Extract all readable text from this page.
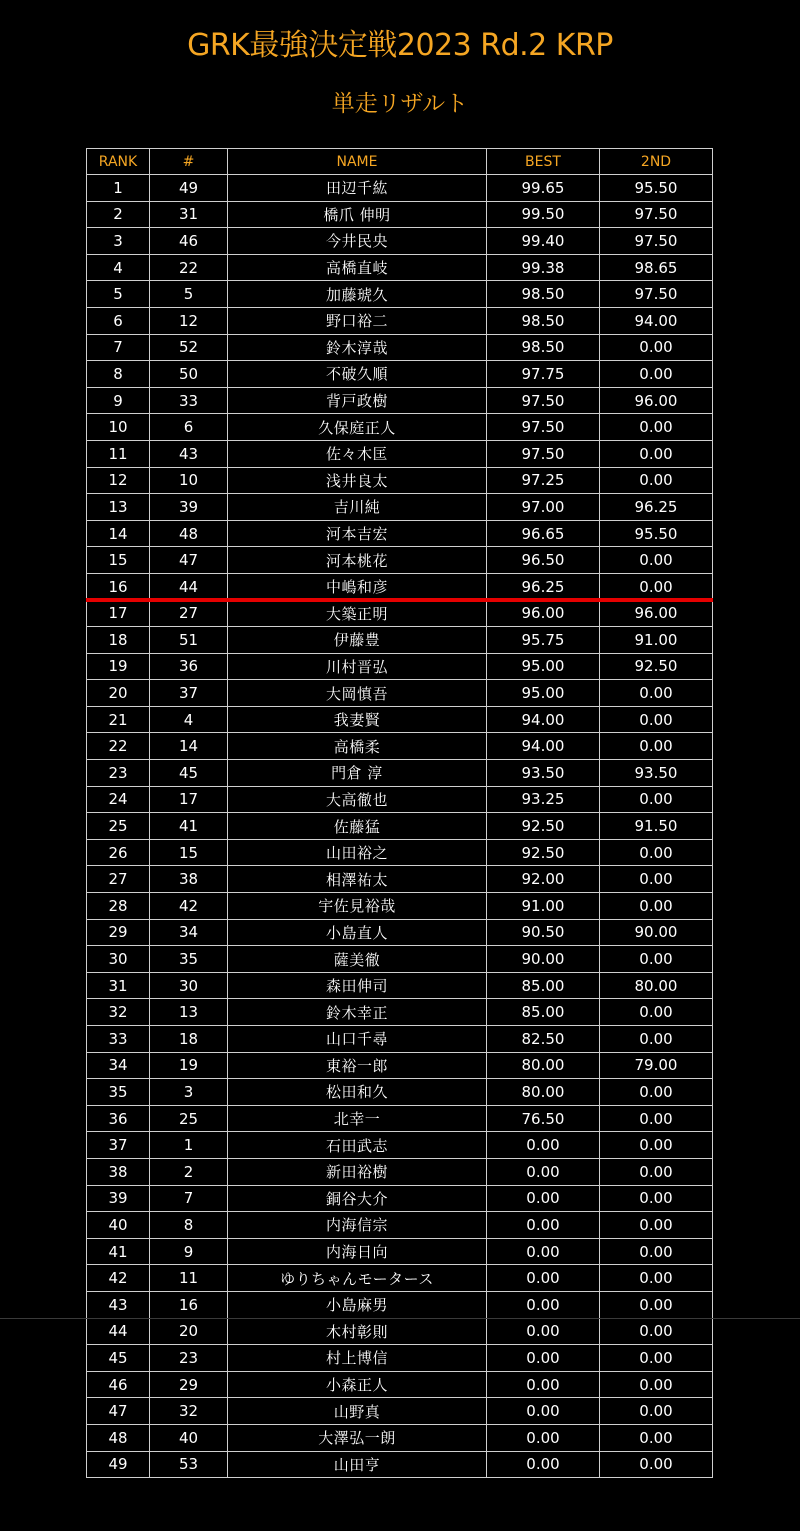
GRK最強決定戦2023 Rd.2 KRP
単走リザルト
RANK	#	NAME	BEST	2ND
1	49	田辺千紘	99.65	95.50
2	31	橋爪 伸明	99.50	97.50
3	46	今井民央	99.40	97.50
4	22	高橋直岐	99.38	98.65
5	5	加藤琥久	98.50	97.50
6	12	野口裕二	98.50	94.00
7	52	鈴木淳哉	98.50	0.00
8	50	不破久順	97.75	0.00
9	33	背戸政樹	97.50	96.00
10	6	久保庭正人	97.50	0.00
11	43	佐々木匡	97.50	0.00
12	10	浅井良太	97.25	0.00
13	39	吉川純	97.00	96.25
14	48	河本吉宏	96.65	95.50
15	47	河本桃花	96.50	0.00
16	44	中嶋和彦	96.25	0.00
17	27	大築正明	96.00	96.00
18	51	伊藤豊	95.75	91.00
19	36	川村晋弘	95.00	92.50
20	37	大岡慎吾	95.00	0.00
21	4	我妻賢	94.00	0.00
22	14	高橋柔	94.00	0.00
23	45	門倉 淳	93.50	93.50
24	17	大高徹也	93.25	0.00
25	41	佐藤猛	92.50	91.50
26	15	山田裕之	92.50	0.00
27	38	相澤祐太	92.00	0.00
28	42	宇佐見裕哉	91.00	0.00
29	34	小島直人	90.50	90.00
30	35	薩美徹	90.00	0.00
31	30	森田伸司	85.00	80.00
32	13	鈴木幸正	85.00	0.00
33	18	山口千尋	82.50	0.00
34	19	東裕一郎	80.00	79.00
35	3	松田和久	80.00	0.00
36	25	北幸一	76.50	0.00
37	1	石田武志	0.00	0.00
38	2	新田裕樹	0.00	0.00
39	7	銅谷大介	0.00	0.00
40	8	内海信宗	0.00	0.00
41	9	内海日向	0.00	0.00
42	11	ゆりちゃんモータース	0.00	0.00
43	16	小島麻男	0.00	0.00
44	20	木村彰則	0.00	0.00
45	23	村上博信	0.00	0.00
46	29	小森正人	0.00	0.00
47	32	山野真	0.00	0.00
48	40	大澤弘一朗	0.00	0.00
49	53	山田亨	0.00	0.00
